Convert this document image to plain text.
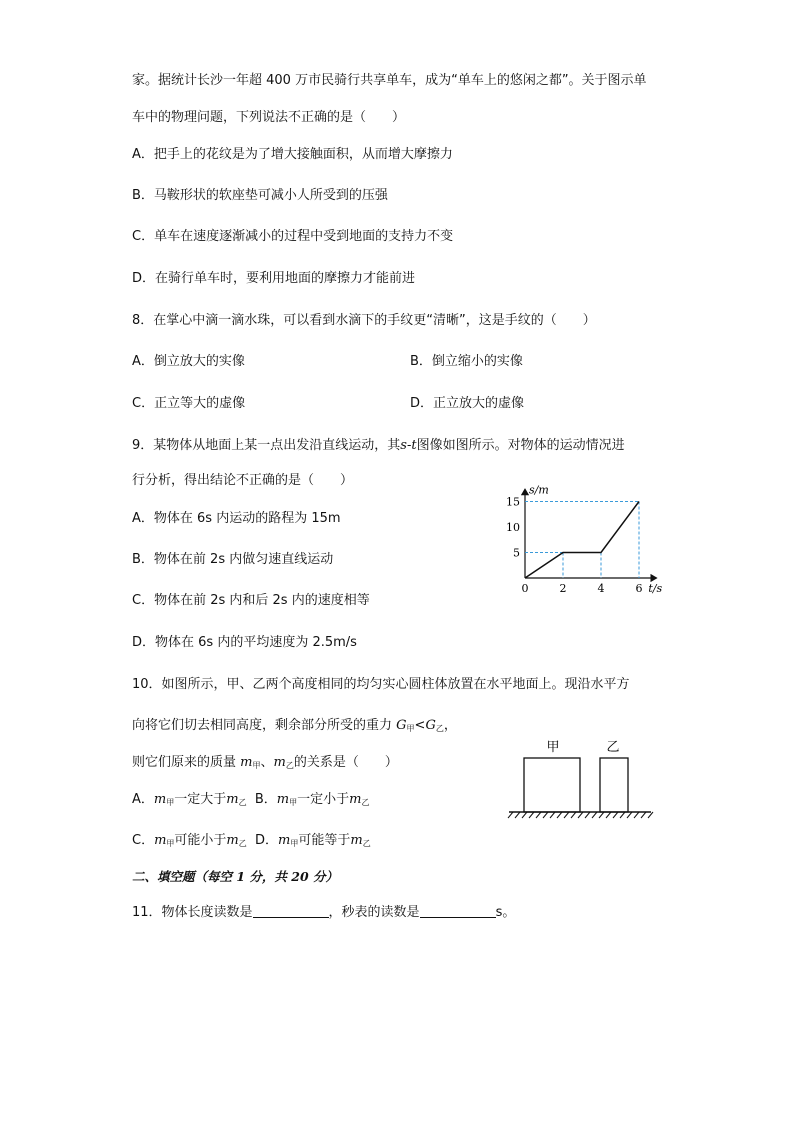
家。据统计长沙一年超 400 万市民骑行共享单车，成为“单车上的悠闲之都”。关于图示单
车中的物理问题，下列说法不正确的是（　　）
A．把手上的花纹是为了增大接触面积，从而增大摩擦力
B．马鞍形状的软座垫可减小人所受到的压强
C．单车在速度逐渐减小的过程中受到地面的支持力不变
D．在骑行单车时，要利用地面的摩擦力才能前进
8．在掌心中滴一滴水珠，可以看到水滴下的手纹更“清晰”，这是手纹的（　　）
A．倒立放大的实像	B．倒立缩小的实像
C．正立等大的虚像	D．正立放大的虚像
9．某物体从地面上某一点出发沿直线运动，其s-t图像如图所示。对物体的运动情况进
行分析，得出结论不正确的是（　　）
A．物体在 6s 内运动的路程为 15m
B．物体在前 2s 内做匀速直线运动
C．物体在前 2s 内和后 2s 内的速度相等
D．物体在 6s 内的平均速度为 2.5m/s
s/m
t/s
0	2	4	6
5
10
15
10．如图所示，甲、乙两个高度相同的均匀实心圆柱体放置在水平地面上。现沿水平方
向将它们切去相同高度，剩余部分所受的重力 $G_甲<G_乙$，
则它们原来的质量 $m_甲$、$m_乙$的关系是（　　）
A．$m_甲$一定大于$m_乙$ B．$m_甲$一定小于$m_乙$
C．$m_甲$可能小于$m_乙$ D．$m_甲$可能等于$m_乙$
甲	乙
二、填空题（每空 1 分，共 20 分）
11．物体长度读数是	，秒表的读数是	s。
